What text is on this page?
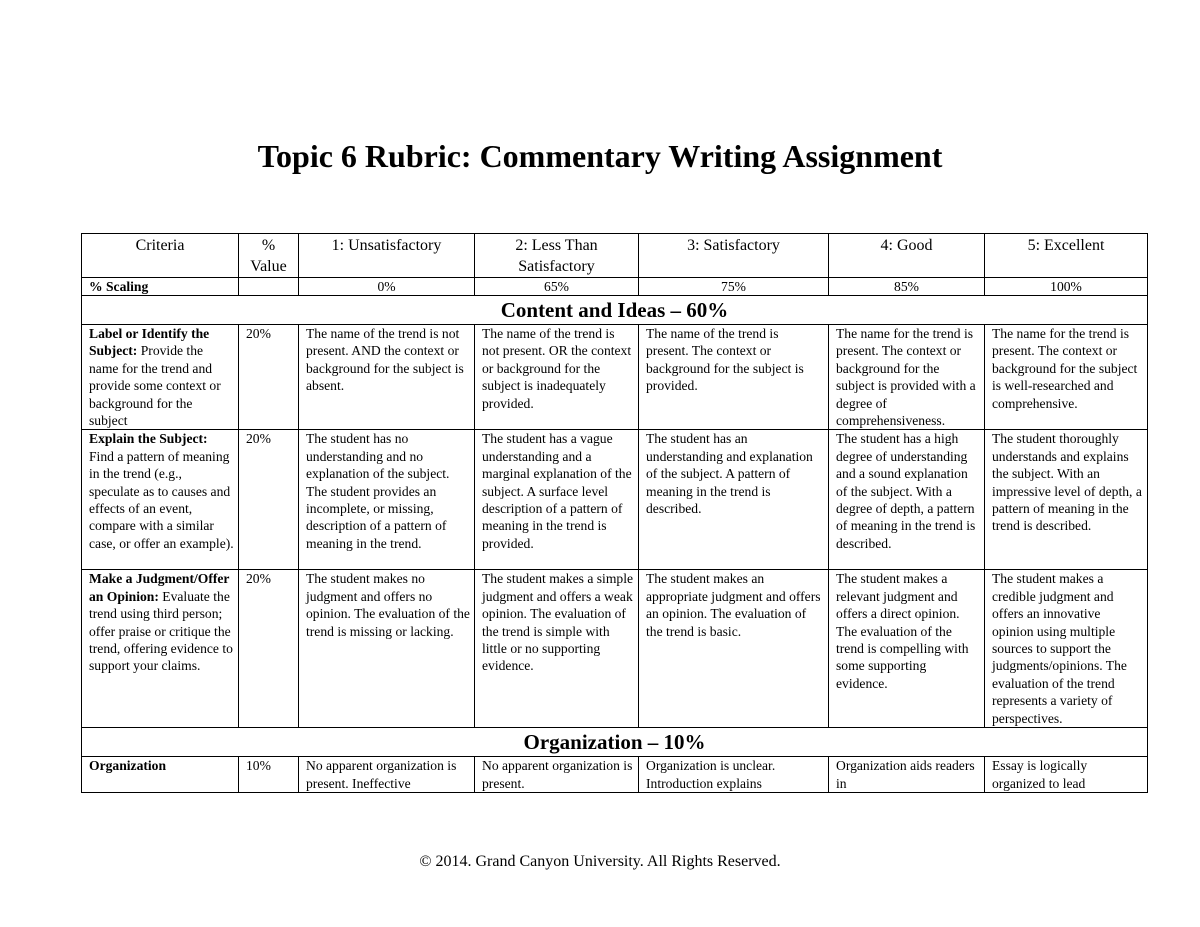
Topic 6 Rubric: Commentary Writing Assignment
Criteria	% Value	1: Unsatisfactory	2: Less Than Satisfactory	3: Satisfactory	4: Good	5: Excellent
% Scaling		0%	65%	75%	85%	100%
Content and Ideas – 60%						
Label or Identify the Subject: Provide the name for the trend and provide some context or background for the subject	20%	The name of the trend is not present. AND the context or background for the subject is absent.	The name of the trend is not present. OR the context or background for the subject is inadequately provided.	The name of the trend is present. The context or background for the subject is provided.	The name for the trend is present. The context or background for the subject is provided with a degree of comprehensiveness.	The name for the trend is present. The context or background for the subject is well-researched and comprehensive.
Explain the Subject: Find a pattern of meaning in the trend (e.g., speculate as to causes and effects of an event, compare with a similar case, or offer an example).	20%	The student has no understanding and no explanation of the subject. The student provides an incomplete, or missing, description of a pattern of meaning in the trend.	The student has a vague understanding and a marginal explanation of the subject. A surface level description of a pattern of meaning in the trend is provided.	The student has an understanding and explanation of the subject. A pattern of meaning in the trend is described.	The student has a high degree of understanding and a sound explanation of the subject. With a degree of depth, a pattern of meaning in the trend is described.	The student thoroughly understands and explains the subject. With an impressive level of depth, a pattern of meaning in the trend is described.
Make a Judgment/Offer an Opinion: Evaluate the trend using third person; offer praise or critique the trend, offering evidence to support your claims.	20%	The student makes no judgment and offers no opinion. The evaluation of the trend is missing or lacking.	The student makes a simple judgment and offers a weak opinion. The evaluation of the trend is simple with little or no supporting evidence.	The student makes an appropriate judgment and offers an opinion. The evaluation of the trend is basic.	The student makes a relevant judgment and offers a direct opinion. The evaluation of the trend is compelling with some supporting evidence.	The student makes a credible judgment and offers an innovative opinion using multiple sources to support the judgments/opinions. The evaluation of the trend represents a variety of perspectives.
Organization – 10%						
Organization	10%	No apparent organization is present. Ineffective	No apparent organization is present.	Organization is unclear. Introduction explains	Organization aids readers in	Essay is logically organized to lead
© 2014. Grand Canyon University. All Rights Reserved.
